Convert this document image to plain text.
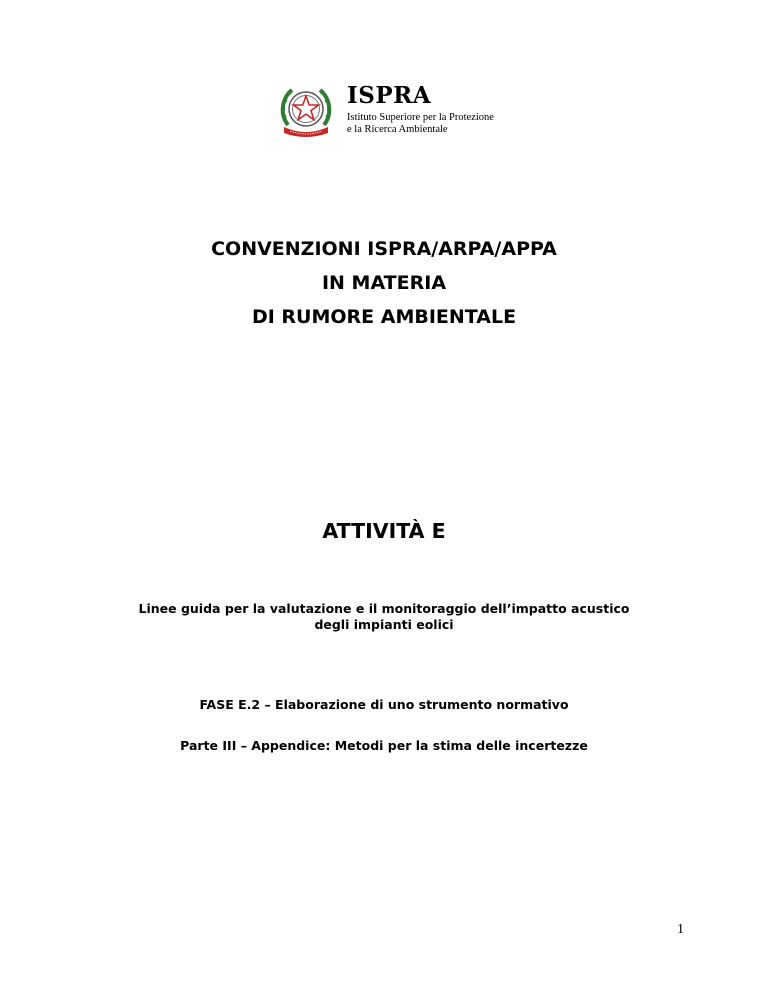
ISPRA
Istituto Superiore per la Protezione
e la Ricerca Ambientale
CONVENZIONI ISPRA/ARPA/APPA
IN MATERIA
DI RUMORE AMBIENTALE
ATTIVITÀ E
Linee guida per la valutazione e il monitoraggio dell’impatto acustico
degli impianti eolici
FASE E.2 – Elaborazione di uno strumento normativo
Parte III – Appendice: Metodi per la stima delle incertezze
1
